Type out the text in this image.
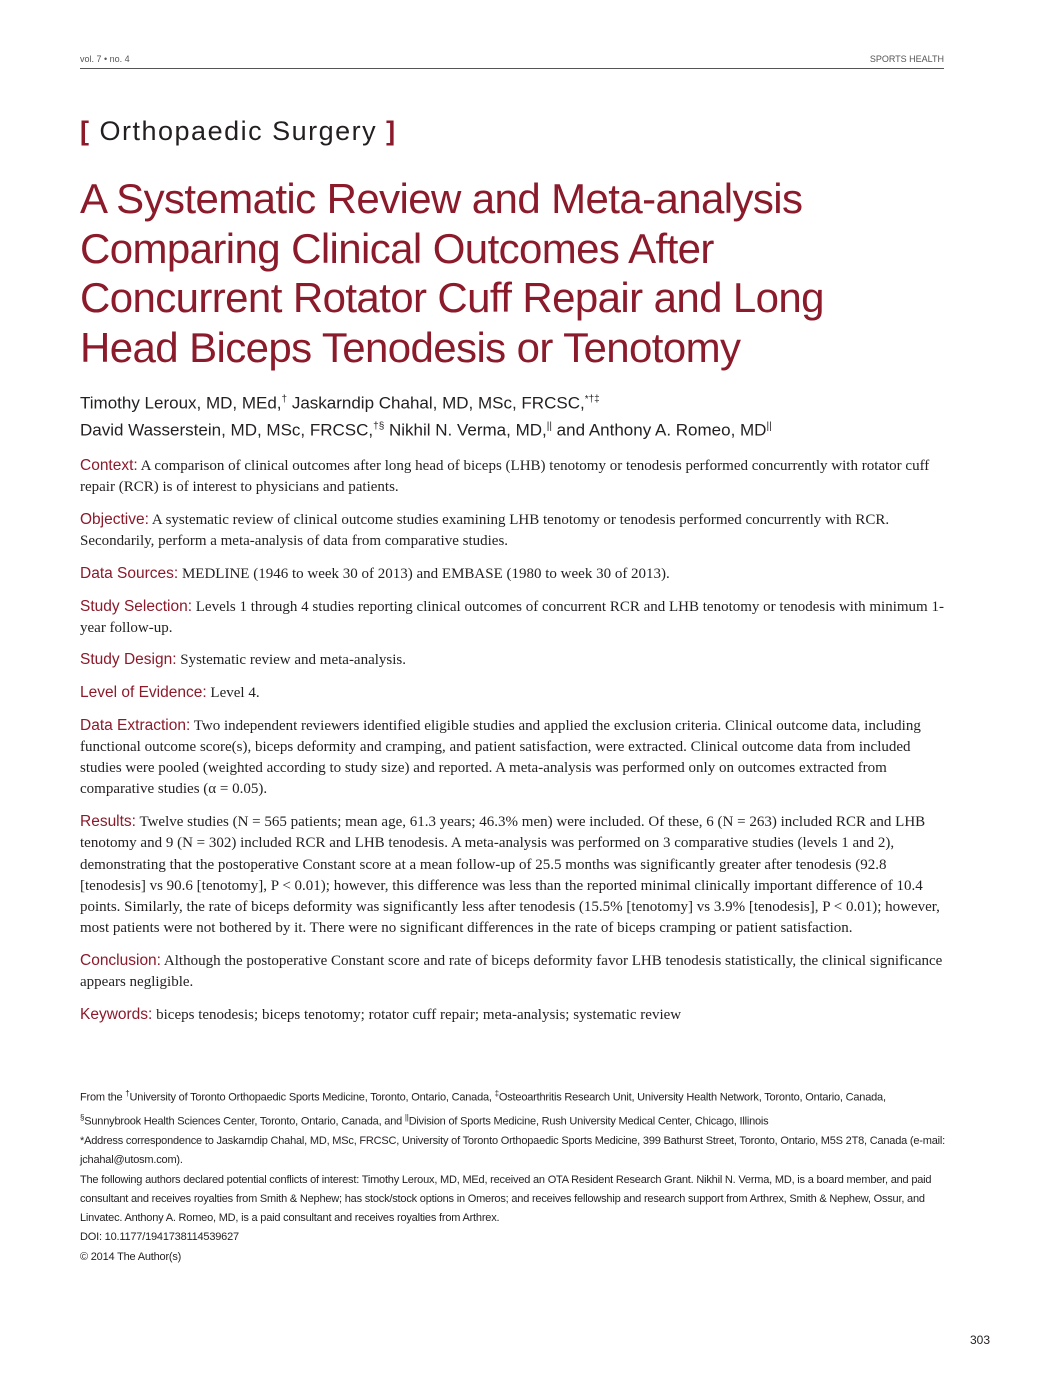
vol. 7 • no. 4	SPORTS HEALTH
[ Orthopaedic Surgery ]
A Systematic Review and Meta-analysis
Comparing Clinical Outcomes After
Concurrent Rotator Cuff Repair and Long
Head Biceps Tenodesis or Tenotomy
Timothy Leroux, MD, MEd,† Jaskarndip Chahal, MD, MSc, FRCSC,*†‡
David Wasserstein, MD, MSc, FRCSC,†§ Nikhil N. Verma, MD,|| and Anthony A. Romeo, MD||

Context: A comparison of clinical outcomes after long head of biceps (LHB) tenotomy or tenodesis performed concurrently with rotator cuff repair (RCR) is of interest to physicians and patients.

Objective: A systematic review of clinical outcome studies examining LHB tenotomy or tenodesis performed concurrently with RCR. Secondarily, perform a meta-analysis of data from comparative studies.

Data Sources: MEDLINE (1946 to week 30 of 2013) and EMBASE (1980 to week 30 of 2013).

Study Selection: Levels 1 through 4 studies reporting clinical outcomes of concurrent RCR and LHB tenotomy or tenodesis with minimum 1-year follow-up.

Study Design: Systematic review and meta-analysis.

Level of Evidence: Level 4.

Data Extraction: Two independent reviewers identified eligible studies and applied the exclusion criteria. Clinical outcome data, including functional outcome score(s), biceps deformity and cramping, and patient satisfaction, were extracted. Clinical outcome data from included studies were pooled (weighted according to study size) and reported. A meta-analysis was performed only on outcomes extracted from comparative studies (α = 0.05).

Results: Twelve studies (N = 565 patients; mean age, 61.3 years; 46.3% men) were included. Of these, 6 (N = 263) included RCR and LHB tenotomy and 9 (N = 302) included RCR and LHB tenodesis. A meta-analysis was performed on 3 comparative studies (levels 1 and 2), demonstrating that the postoperative Constant score at a mean follow-up of 25.5 months was significantly greater after tenodesis (92.8 [tenodesis] vs 90.6 [tenotomy], P < 0.01); however, this difference was less than the reported minimal clinically important difference of 10.4 points. Similarly, the rate of biceps deformity was significantly less after tenodesis (15.5% [tenotomy] vs 3.9% [tenodesis], P < 0.01); however, most patients were not bothered by it. There were no significant differences in the rate of biceps cramping or patient satisfaction.

Conclusion: Although the postoperative Constant score and rate of biceps deformity favor LHB tenodesis statistically, the clinical significance appears negligible.

Keywords: biceps tenodesis; biceps tenotomy; rotator cuff repair; meta-analysis; systematic review

From the †University of Toronto Orthopaedic Sports Medicine, Toronto, Ontario, Canada, ‡Osteoarthritis Research Unit, University Health Network, Toronto, Ontario, Canada, §Sunnybrook Health Sciences Center, Toronto, Ontario, Canada, and ||Division of Sports Medicine, Rush University Medical Center, Chicago, Illinois

*Address correspondence to Jaskarndip Chahal, MD, MSc, FRCSC, University of Toronto Orthopaedic Sports Medicine, 399 Bathurst Street, Toronto, Ontario, M5S 2T8, Canada (e-mail: jchahal@utosm.com).

The following authors declared potential conflicts of interest: Timothy Leroux, MD, MEd, received an OTA Resident Research Grant. Nikhil N. Verma, MD, is a board member, and paid consultant and receives royalties from Smith & Nephew; has stock/stock options in Omeros; and receives fellowship and research support from Arthrex, Smith & Nephew, Ossur, and Linvatec. Anthony A. Romeo, MD, is a paid consultant and receives royalties from Arthrex.

DOI: 10.1177/1941738114539627

© 2014 The Author(s)

303
